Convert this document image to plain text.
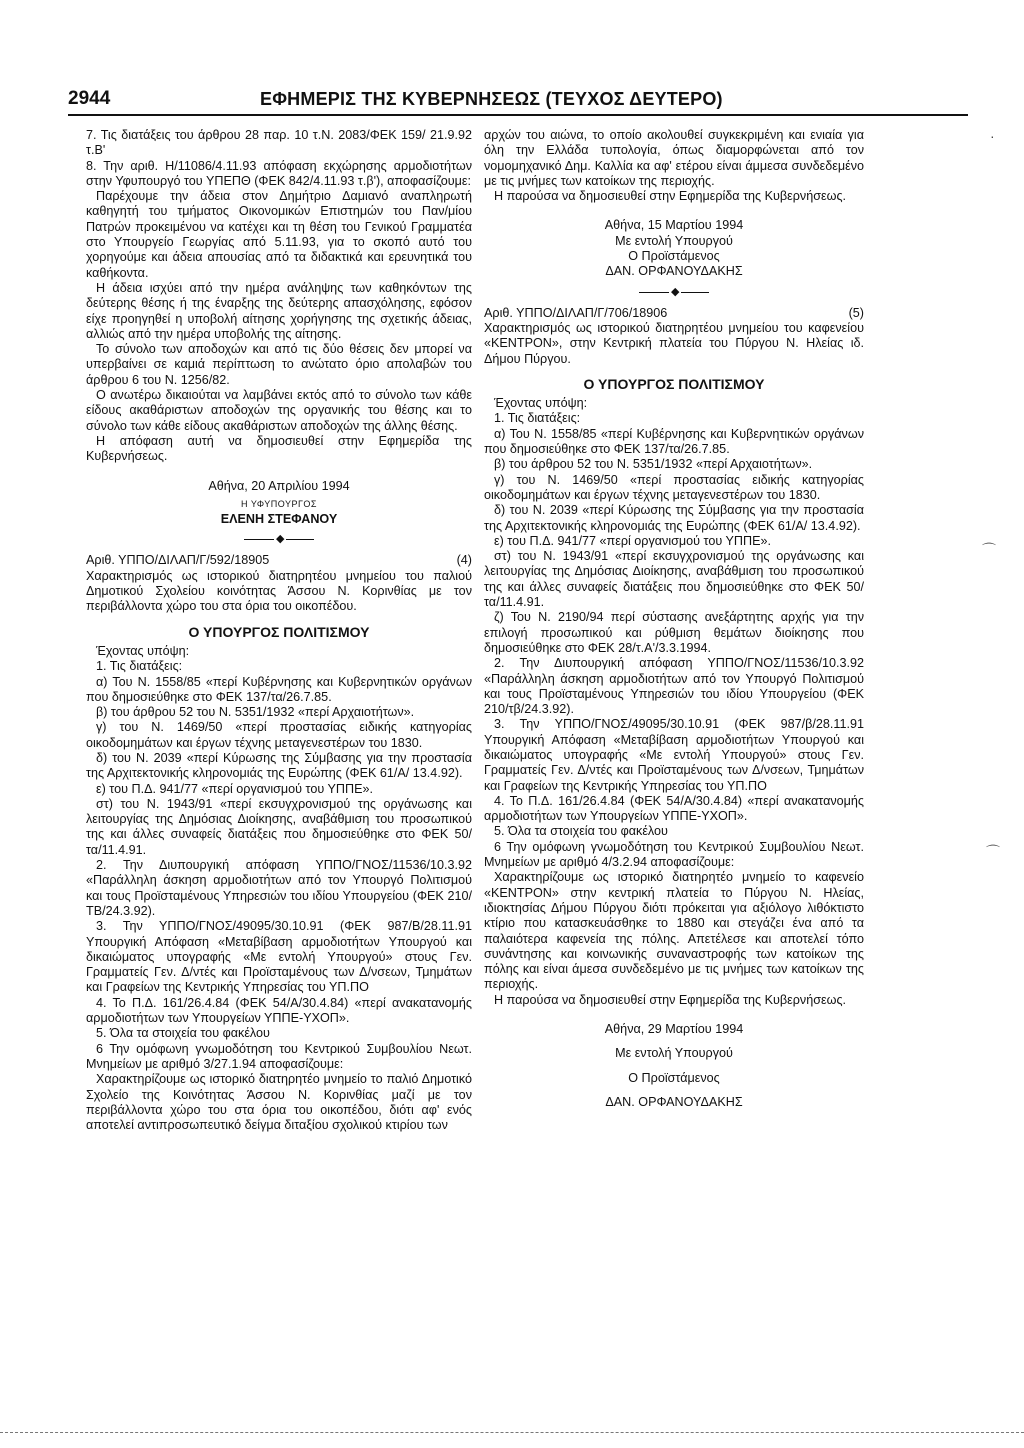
2944	ΕΦΗΜΕΡΙΣ ΤΗΣ ΚΥΒΕΡΝΗΣΕΩΣ (ΤΕΥΧΟΣ ΔΕΥΤΕΡΟ)

7. Τις διατάξεις του άρθρου 28 παρ. 10 τ.Ν. 2083/ΦΕΚ 159/ 21.9.92 τ.Β'

8. Την αριθ. Η/11086/4.11.93 απόφαση εκχώρησης αρμοδιοτήτων στην Υφυπουργό του ΥΠΕΠΘ (ΦΕΚ 842/4.11.93 τ.β'), αποφασίζουμε:

Παρέχουμε την άδεια στον Δημήτριο Δαμιανό αναπληρωτή καθηγητή του τμήματος Οικονομικών Επιστημών του Παν/μίου Πατρών προκειμένου να κατέχει και τη θέση του Γενικού Γραμματέα στο Υπουργείο Γεωργίας από 5.11.93, για το σκοπό αυτό του χορηγούμε και άδεια απουσίας από τα διδακτικά και ερευνητικά του καθήκοντα.

Η άδεια ισχύει από την ημέρα ανάληψης των καθηκόντων της δεύτερης θέσης ή της έναρξης της δεύτερης απασχόλησης, εφόσον είχε προηγηθεί η υποβολή αίτησης χορήγησης της σχετικής άδειας, αλλιώς από την ημέρα υποβολής της αίτησης.

Το σύνολο των αποδοχών και από τις δύο θέσεις δεν μπορεί να υπερβαίνει σε καμιά περίπτωση το ανώτατο όριο απολαβών του άρθρου 6 του Ν. 1256/82.

Ο ανωτέρω δικαιούται να λαμβάνει εκτός από το σύνολο των κάθε είδους ακαθάριστων αποδοχών της οργανικής του θέσης και το σύνολο των κάθε είδους ακαθάριστων αποδοχών της άλλης θέσης.

Η απόφαση αυτή να δημοσιευθεί στην Εφημερίδα της Κυβερνήσεως.

Αθήνα, 20 Απριλίου 1994

Η ΥΦΥΠΟΥΡΓΟΣ

ΕΛΕΝΗ ΣΤΕΦΑΝΟΥ

◆
Αριθ. ΥΠΠΟ/ΔΙΛΑΠ/Γ/592/18905	(4)

Χαρακτηρισμός ως ιστορικού διατηρητέου μνημείου του παλιού Δημοτικού Σχολείου κοινότητας Άσσου Ν. Κορινθίας με τον περιβάλλοντα χώρο του στα όρια του οικοπέδου.

Ο ΥΠΟΥΡΓΟΣ ΠΟΛΙΤΙΣΜΟΥ

Έχοντας υπόψη:

1. Τις διατάξεις:

α) Του Ν. 1558/85 «περί Κυβέρνησης και Κυβερνητικών οργάνων που δημοσιεύθηκε στο ΦΕΚ 137/τα/26.7.85.

β) του άρθρου 52 του Ν. 5351/1932 «περί Αρχαιοτήτων».

γ) του Ν. 1469/50 «περί προστασίας ειδικής κατηγορίας οικοδομημάτων και έργων τέχνης μεταγενεστέρων του 1830.

δ) του Ν. 2039 «περί Κύρωσης της Σύμβασης για την προστασία της Αρχιτεκτονικής κληρονομιάς της Ευρώπης (ΦΕΚ 61/Α/ 13.4.92).

ε) του Π.Δ. 941/77 «περί οργανισμού του ΥΠΠΕ».

στ) του Ν. 1943/91 «περί εκσυγχρονισμού της οργάνωσης και λειτουργίας της Δημόσιας Διοίκησης, αναβάθμιση του προσωπικού της και άλλες συναφείς διατάξεις που δημοσιεύθηκε στο ΦΕΚ 50/τα/11.4.91.

2. Την Διυπουργική απόφαση ΥΠΠΟ/ΓΝΟΣ/11536/10.3.92 «Παράλληλη άσκηση αρμοδιοτήτων από τον Υπουργό Πολιτισμού και τους Προϊσταμένους Υπηρεσιών του ιδίου Υπουργείου (ΦΕΚ 210/ΤΒ/24.3.92).

3. Την ΥΠΠΟ/ΓΝΟΣ/49095/30.10.91 (ΦΕΚ 987/Β/28.11.91 Υπουργική Απόφαση «Μεταβίβαση αρμοδιοτήτων Υπουργού και δικαιώματος υπογραφής «Με εντολή Υπουργού» στους Γεν. Γραμματείς Γεν. Δ/ντές και Προϊσταμένους των Δ/νσεων, Τμημάτων και Γραφείων της Κεντρικής Υπηρεσίας του ΥΠ.ΠΟ

4. Το Π.Δ. 161/26.4.84 (ΦΕΚ 54/Α/30.4.84) «περί ανακατανομής αρμοδιοτήτων των Υπουργείων ΥΠΠΕ-ΥΧΟΠ».

5. Όλα τα στοιχεία του φακέλου

6 Την ομόφωνη γνωμοδότηση του Κεντρικού Συμβουλίου Νεωτ. Μνημείων με αριθμό 3/27.1.94 αποφασίζουμε:

Χαρακτηρίζουμε ως ιστορικό διατηρητέο μνημείο το παλιό Δημοτικό Σχολείο της Κοινότητας Άσσου Ν. Κορινθίας μαζί με τον περιβάλλοντα χώρο του στα όρια του οικοπέδου, διότι αφ' ενός αποτελεί αντιπροσωπευτικό δείγμα διταξίου σχολικού κτιρίου των

αρχών του αιώνα, το οποίο ακολουθεί συγκεκριμένη και ενιαία για όλη την Ελλάδα τυπολογία, όπως διαμορφώνεται από τον νομομηχανικό Δημ. Καλλία κα αφ' ετέρου είναι άμμεσα συνδεδεμένο με τις μνήμες των κατοίκων της περιοχής.

Η παρούσα να δημοσιευθεί στην Εφημερίδα της Κυβερνήσεως.

Αθήνα, 15 Μαρτίου 1994

Με εντολή Υπουργού

Ο Προϊστάμενος

ΔΑΝ. ΟΡΦΑΝΟΥΔΑΚΗΣ

◆
Αριθ. ΥΠΠΟ/ΔΙΛΑΠ/Γ/706/18906	(5)

Χαρακτηρισμός ως ιστορικού διατηρητέου μνημείου του καφενείου «ΚΕΝΤΡΟΝ», στην Κεντρική πλατεία του Πύργου Ν. Ηλείας ιδ. Δήμου Πύργου.

Ο ΥΠΟΥΡΓΟΣ ΠΟΛΙΤΙΣΜΟΥ

Έχοντας υπόψη:

1. Τις διατάξεις:

α) Του Ν. 1558/85 «περί Κυβέρνησης και Κυβερνητικών οργάνων που δημοσιεύθηκε στο ΦΕΚ 137/τα/26.7.85.

β) του άρθρου 52 του Ν. 5351/1932 «περί Αρχαιοτήτων».

γ) του Ν. 1469/50 «περί προστασίας ειδικής κατηγορίας οικοδομημάτων και έργων τέχνης μεταγενεστέρων του 1830.

δ) του Ν. 2039 «περί Κύρωσης της Σύμβασης για την προστασία της Αρχιτεκτονικής κληρονομιάς της Ευρώπης (ΦΕΚ 61/Α/ 13.4.92).

ε) του Π.Δ. 941/77 «περί οργανισμού του ΥΠΠΕ».

στ) του Ν. 1943/91 «περί εκσυγχρονισμού της οργάνωσης και λειτουργίας της Δημόσιας Διοίκησης, αναβάθμιση του προσωπικού της και άλλες συναφείς διατάξεις που δημοσιεύθηκε στο ΦΕΚ 50/τα/11.4.91.

ζ) Του Ν. 2190/94 περί σύστασης ανεξάρτητης αρχής για την επιλογή προσωπικού και ρύθμιση θεμάτων διοίκησης που δημοσιεύθηκε στο ΦΕΚ 28/τ.Α'/3.3.1994.

2. Την Διυπουργική απόφαση ΥΠΠΟ/ΓΝΟΣ/11536/10.3.92 «Παράλληλη άσκηση αρμοδιοτήτων από τον Υπουργό Πολιτισμού και τους Προϊσταμένους Υπηρεσιών του ιδίου Υπουργείου (ΦΕΚ 210/τβ/24.3.92).

3. Την ΥΠΠΟ/ΓΝΟΣ/49095/30.10.91 (ΦΕΚ 987/β/28.11.91 Υπουργική Απόφαση «Μεταβίβαση αρμοδιοτήτων Υπουργού και δικαιώματος υπογραφής «Με εντολή Υπουργού» στους Γεν. Γραμματείς Γεν. Δ/ντές και Προϊσταμένους των Δ/νσεων, Τμημάτων και Γραφείων της Κεντρικής Υπηρεσίας του ΥΠ.ΠΟ

4. Το Π.Δ. 161/26.4.84 (ΦΕΚ 54/Α/30.4.84) «περί ανακατανομής αρμοδιοτήτων των Υπουργείων ΥΠΠΕ-ΥΧΟΠ».

5. Όλα τα στοιχεία του φακέλου

6 Την ομόφωνη γνωμοδότηση του Κεντρικού Συμβουλίου Νεωτ. Μνημείων με αριθμό 4/3.2.94 αποφασίζουμε:

Χαρακτηρίζουμε ως ιστορικό διατηρητέο μνημείο το καφενείο «ΚΕΝΤΡΟΝ» στην κεντρική πλατεία το Πύργου Ν. Ηλείας, ιδιοκτησίας Δήμου Πύργου διότι πρόκειται για αξιόλογο λιθόκτιστο κτίριο που κατασκευάσθηκε το 1880 και στεγάζει ένα από τα παλαιότερα καφενεία της πόλης. Απετέλεσε και αποτελεί τόπο συνάντησης και κοινωνικής συναναστροφής των κατοίκων της πόλης και είναι άμεσα συνδεδεμένο με τις μνήμες των κατοίκων της περιοχής.

Η παρούσα να δημοσιευθεί στην Εφημερίδα της Κυβερνήσεως.

Αθήνα, 29 Μαρτίου 1994

Με εντολή Υπουργού

Ο Προϊστάμενος

ΔΑΝ. ΟΡΦΑΝΟΥΔΑΚΗΣ

·
⌒
⌒
